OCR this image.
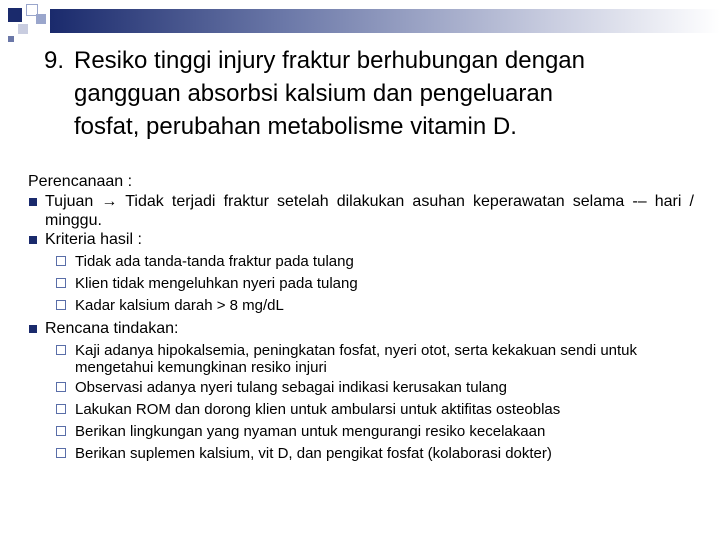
9. Resiko tinggi injury fraktur berhubungan dengan
gangguan absorbsi kalsium dan pengeluaran
fosfat, perubahan metabolisme vitamin D.
Perencanaan :
Tujuan → Tidak terjadi fraktur setelah dilakukan asuhan keperawatan selama -– hari / minggu.
Kriteria hasil :
Tidak ada tanda-tanda fraktur pada tulang
Klien tidak mengeluhkan nyeri pada tulang
Kadar kalsium darah > 8 mg/dL
Rencana tindakan:
Kaji adanya hipokalsemia, peningkatan fosfat, nyeri otot, serta kekakuan sendi untuk mengetahui kemungkinan resiko injuri
Observasi adanya nyeri tulang sebagai indikasi kerusakan tulang
Lakukan ROM dan dorong klien untuk ambularsi untuk aktifitas osteoblas
Berikan lingkungan yang nyaman untuk mengurangi resiko kecelakaan
Berikan suplemen kalsium, vit D, dan pengikat fosfat (kolaborasi dokter)
